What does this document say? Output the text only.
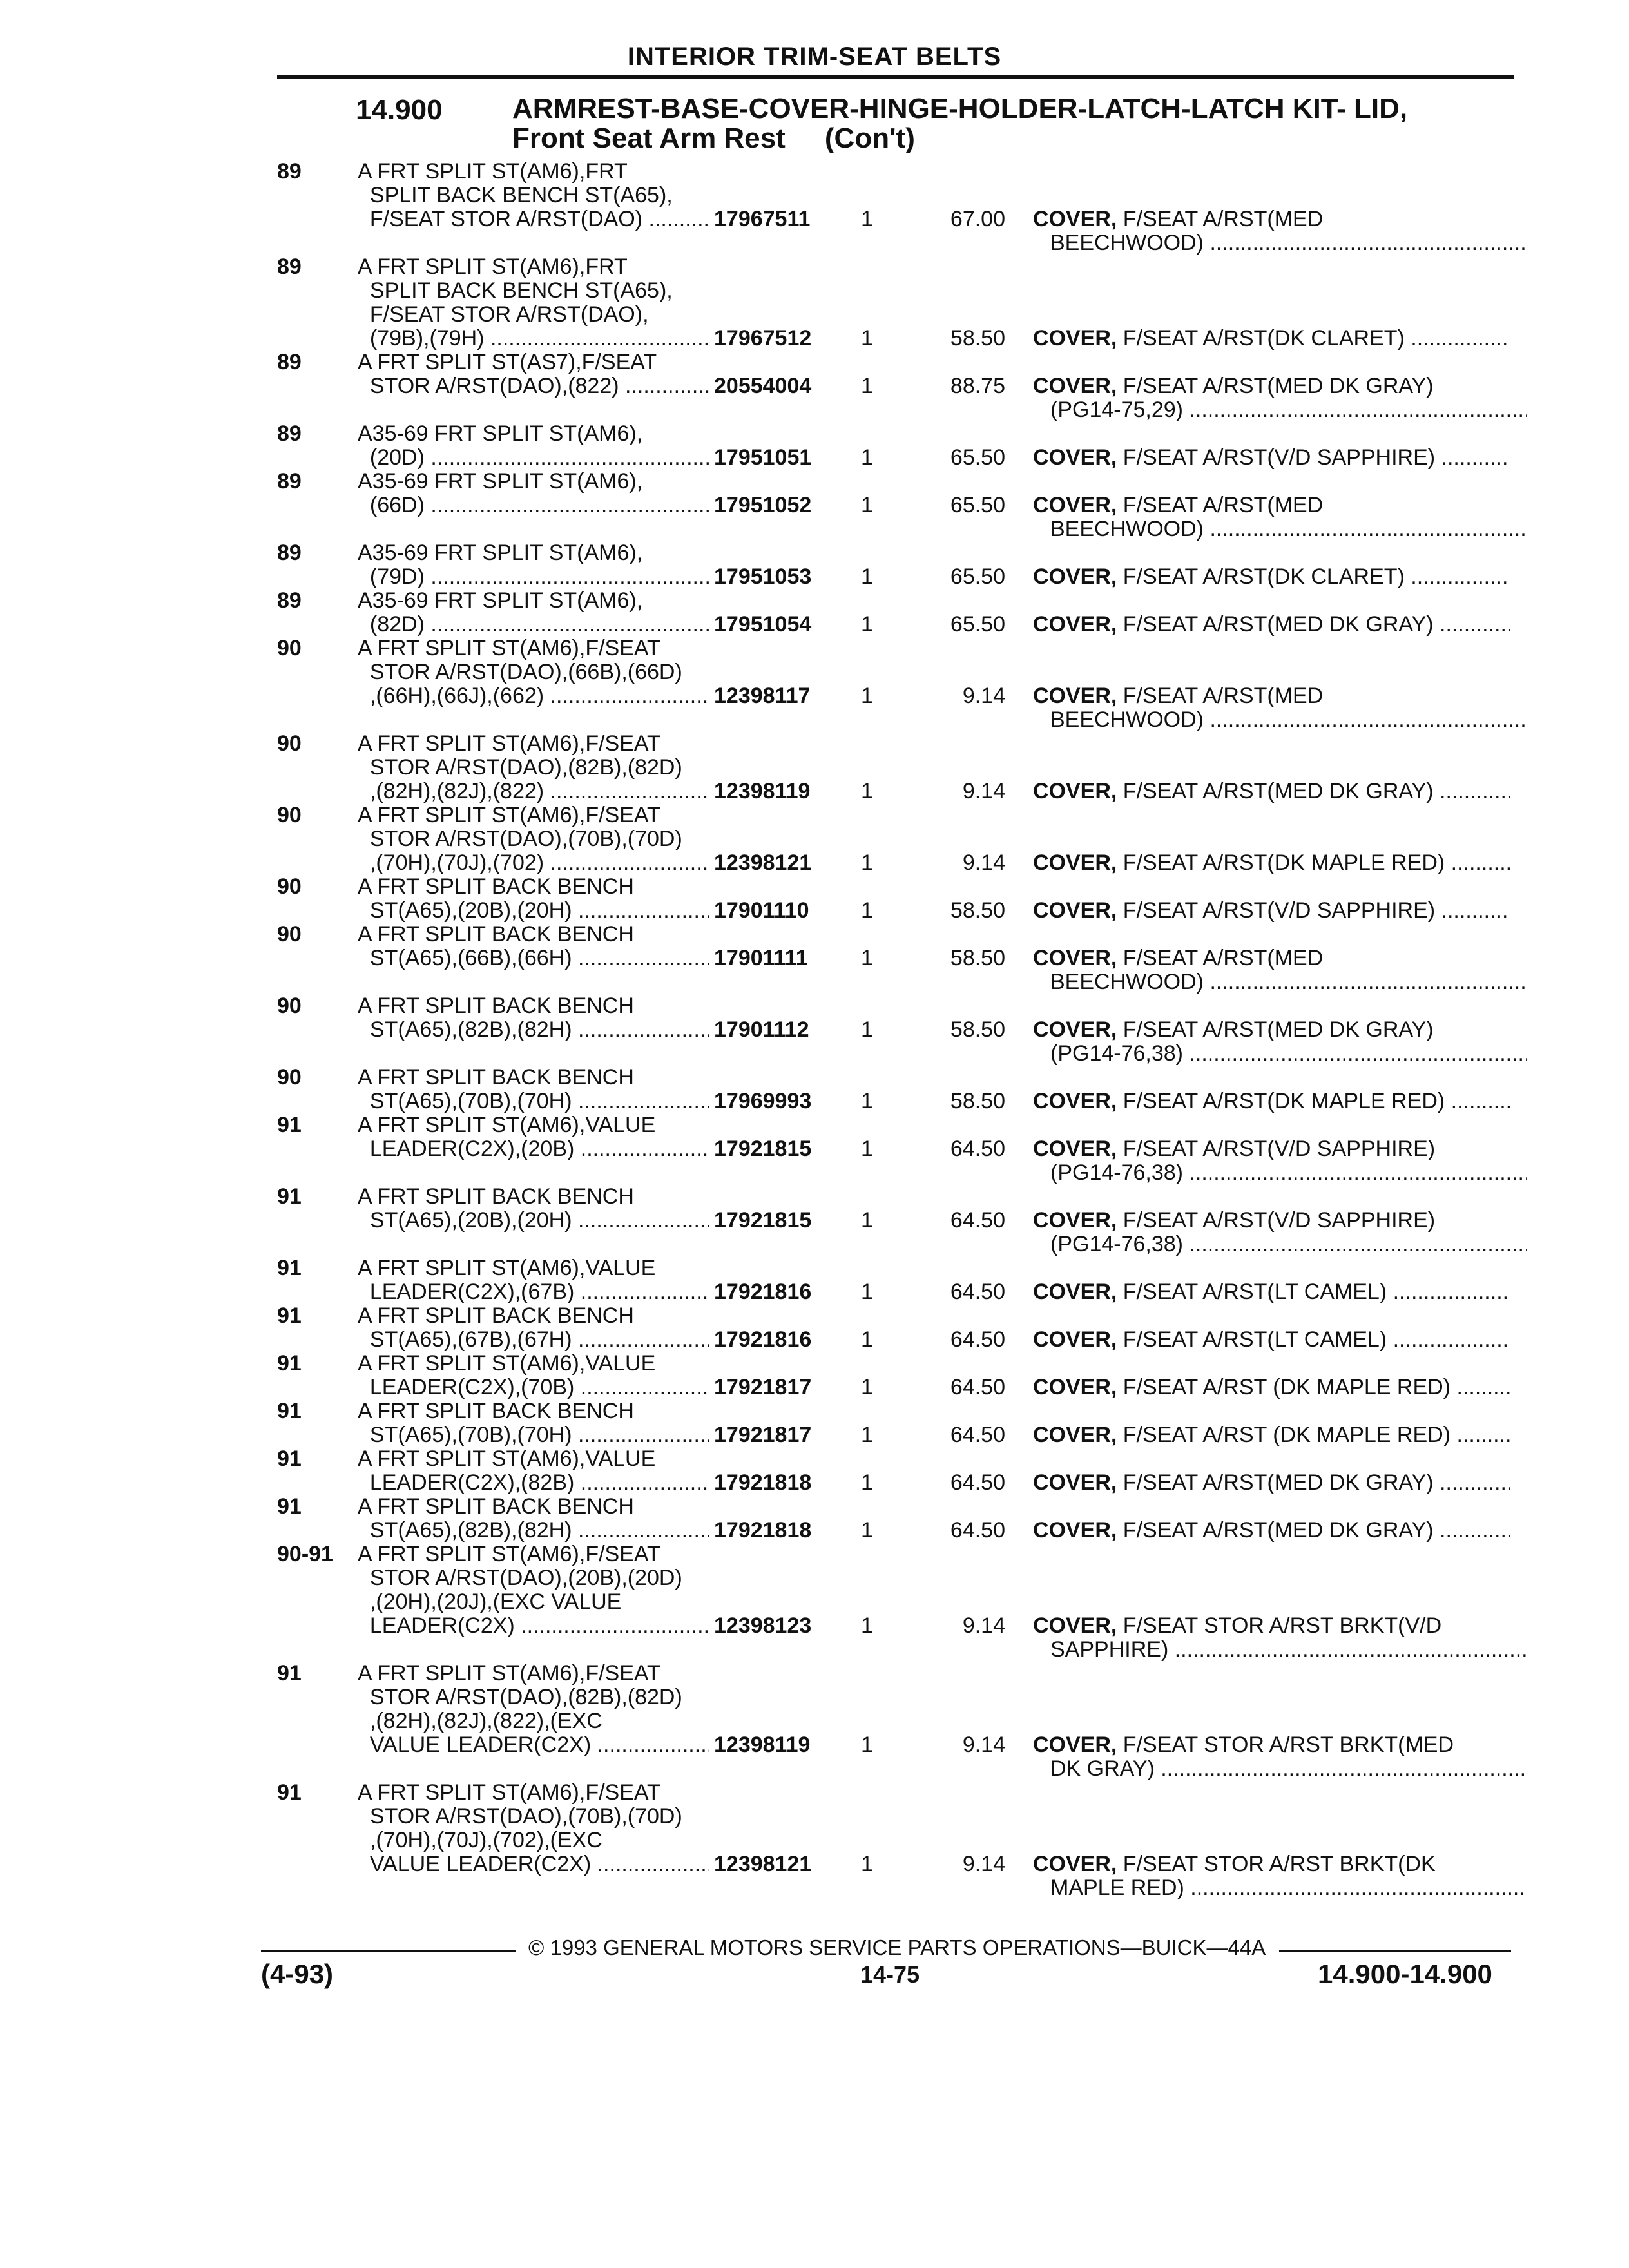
INTERIOR TRIM-SEAT BELTS
14.900 ARMREST-BASE-COVER-HINGE-HOLDER-LATCH-LATCH KIT- LID,
Front Seat Arm Rest     (Con't)
89	A FRT SPLIT ST(AM6),FRT
SPLIT BACK BENCH ST(A65),
F/SEAT STOR A/RST(DAO) .....	17967511 1	67.00 COVER, F/SEAT A/RST(MED
BEECHWOOD) .....
89	A FRT SPLIT ST(AM6),FRT
SPLIT BACK BENCH ST(A65),
F/SEAT STOR A/RST(DAO),
(79B),(79H) .....	17967512 1	58.50 COVER, F/SEAT A/RST(DK CLARET) .....
89	A FRT SPLIT ST(AS7),F/SEAT
STOR A/RST(DAO),(822) .....	20554004 1	88.75 COVER, F/SEAT A/RST(MED DK GRAY)
(PG14-75,29) .....
89	A35-69 FRT SPLIT ST(AM6),
(20D) .....	17951051 1	65.50 COVER, F/SEAT A/RST(V/D SAPPHIRE) .....
89	A35-69 FRT SPLIT ST(AM6),
(66D) .....	17951052 1	65.50 COVER, F/SEAT A/RST(MED
BEECHWOOD) .....
89	A35-69 FRT SPLIT ST(AM6),
(79D) .....	17951053 1	65.50 COVER, F/SEAT A/RST(DK CLARET) .....
89	A35-69 FRT SPLIT ST(AM6),
(82D) .....	17951054 1	65.50 COVER, F/SEAT A/RST(MED DK GRAY) .....
90	A FRT SPLIT ST(AM6),F/SEAT
STOR A/RST(DAO),(66B),(66D)
,(66H),(66J),(662) .....	12398117 1	9.14 COVER, F/SEAT A/RST(MED
BEECHWOOD) .....
90	A FRT SPLIT ST(AM6),F/SEAT
STOR A/RST(DAO),(82B),(82D)
,(82H),(82J),(822) .....	12398119 1	9.14 COVER, F/SEAT A/RST(MED DK GRAY) .....
90	A FRT SPLIT ST(AM6),F/SEAT
STOR A/RST(DAO),(70B),(70D)
,(70H),(70J),(702) .....	12398121 1	9.14 COVER, F/SEAT A/RST(DK MAPLE RED) .....
90	A FRT SPLIT BACK BENCH
ST(A65),(20B),(20H) .....	17901110 1	58.50 COVER, F/SEAT A/RST(V/D SAPPHIRE) .....
90	A FRT SPLIT BACK BENCH
ST(A65),(66B),(66H) .....	17901111 1	58.50 COVER, F/SEAT A/RST(MED
BEECHWOOD) .....
90	A FRT SPLIT BACK BENCH
ST(A65),(82B),(82H) .....	17901112 1	58.50 COVER, F/SEAT A/RST(MED DK GRAY)
(PG14-76,38) .....
90	A FRT SPLIT BACK BENCH
ST(A65),(70B),(70H) .....	17969993 1	58.50 COVER, F/SEAT A/RST(DK MAPLE RED) .....
91	A FRT SPLIT ST(AM6),VALUE
LEADER(C2X),(20B) .....	17921815 1	64.50 COVER, F/SEAT A/RST(V/D SAPPHIRE)
(PG14-76,38) .....
91	A FRT SPLIT BACK BENCH
ST(A65),(20B),(20H) .....	17921815 1	64.50 COVER, F/SEAT A/RST(V/D SAPPHIRE)
(PG14-76,38) .....
91	A FRT SPLIT ST(AM6),VALUE
LEADER(C2X),(67B) .....	17921816 1	64.50 COVER, F/SEAT A/RST(LT CAMEL) .....
91	A FRT SPLIT BACK BENCH
ST(A65),(67B),(67H) .....	17921816 1	64.50 COVER, F/SEAT A/RST(LT CAMEL) .....
91	A FRT SPLIT ST(AM6),VALUE
LEADER(C2X),(70B) .....	17921817 1	64.50 COVER, F/SEAT A/RST (DK MAPLE RED) .....
91	A FRT SPLIT BACK BENCH
ST(A65),(70B),(70H) .....	17921817 1	64.50 COVER, F/SEAT A/RST (DK MAPLE RED) .....
91	A FRT SPLIT ST(AM6),VALUE
LEADER(C2X),(82B) .....	17921818 1	64.50 COVER, F/SEAT A/RST(MED DK GRAY) .....
91	A FRT SPLIT BACK BENCH
ST(A65),(82B),(82H) .....	17921818 1	64.50 COVER, F/SEAT A/RST(MED DK GRAY) .....
90-91 A FRT SPLIT ST(AM6),F/SEAT
STOR A/RST(DAO),(20B),(20D)
,(20H),(20J),(EXC VALUE
LEADER(C2X) .....	12398123 1	9.14 COVER, F/SEAT STOR A/RST BRKT(V/D
SAPPHIRE) .....
91	A FRT SPLIT ST(AM6),F/SEAT
STOR A/RST(DAO),(82B),(82D)
,(82H),(82J),(822),(EXC
VALUE LEADER(C2X) .....	12398119 1	9.14 COVER, F/SEAT STOR A/RST BRKT(MED
DK GRAY) .....
91	A FRT SPLIT ST(AM6),F/SEAT
STOR A/RST(DAO),(70B),(70D)
,(70H),(70J),(702),(EXC
VALUE LEADER(C2X) .....	12398121 1	9.14 COVER, F/SEAT STOR A/RST BRKT(DK
MAPLE RED) .....
© 1993 GENERAL MOTORS SERVICE PARTS OPERATIONS—BUICK—44A
(4-93)	14-75	14.900-14.900
